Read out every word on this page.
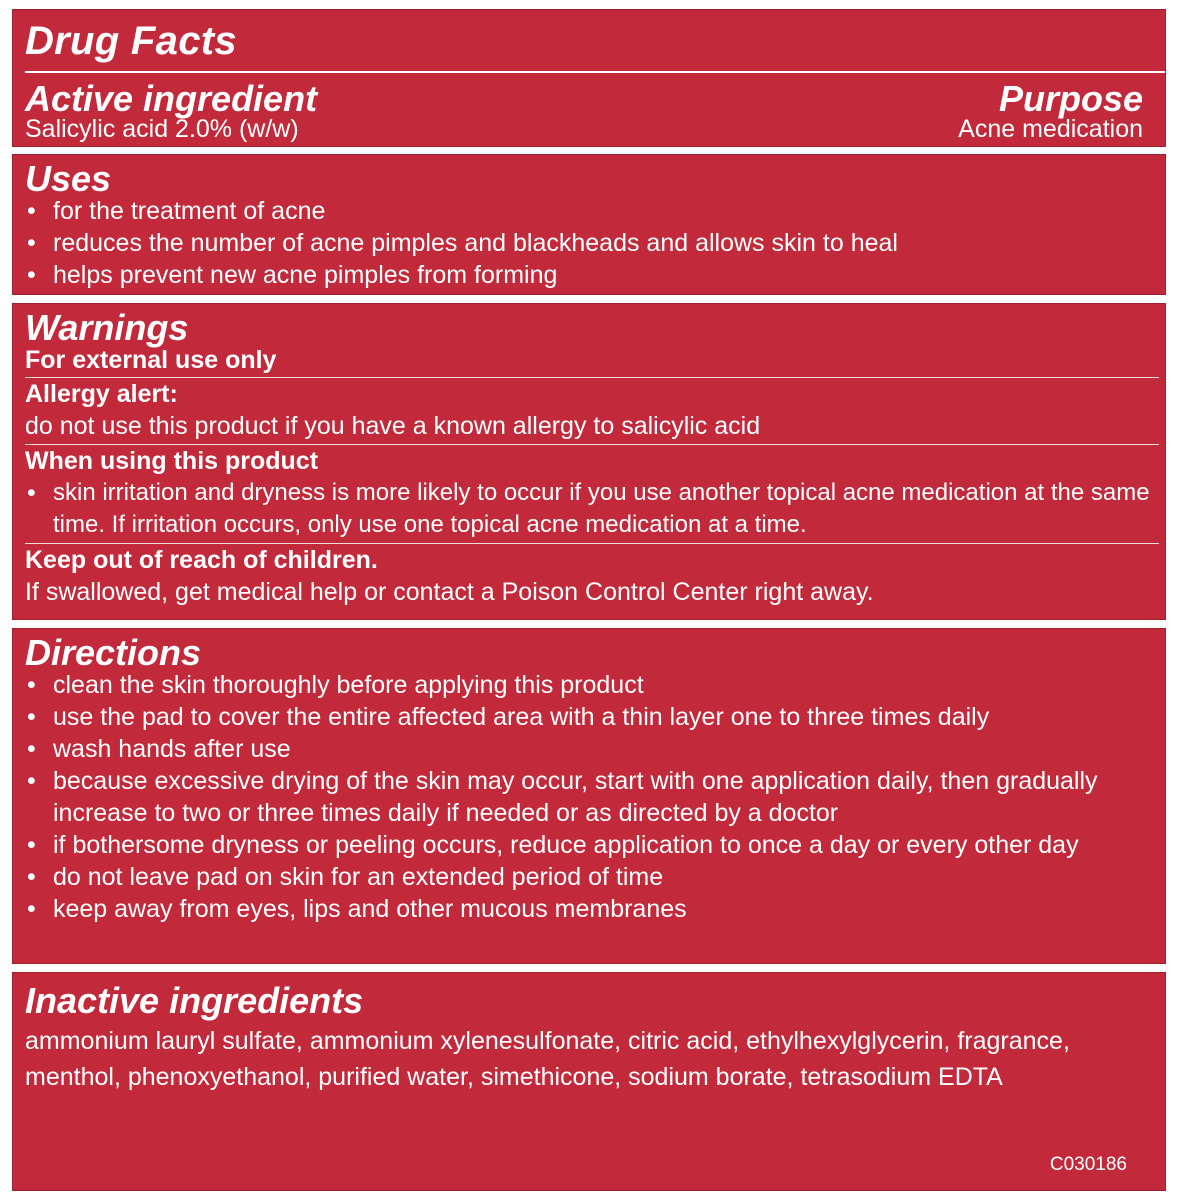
Drug Facts
Active ingredient	Purpose
Salicylic acid 2.0% (w/w)	Acne medication
Uses
• for the treatment of acne
• reduces the number of acne pimples and blackheads and allows skin to heal
• helps prevent new acne pimples from forming
Warnings
For external use only
Allergy alert:
do not use this product if you have a known allergy to salicylic acid
When using this product
• skin irritation and dryness is more likely to occur if you use another topical acne medication at the same time. If irritation occurs, only use one topical acne medication at a time.
Keep out of reach of children.
If swallowed, get medical help or contact a Poison Control Center right away.
Directions
• clean the skin thoroughly before applying this product
• use the pad to cover the entire affected area with a thin layer one to three times daily
• wash hands after use
• because excessive drying of the skin may occur, start with one application daily, then gradually increase to two or three times daily if needed or as directed by a doctor
• if bothersome dryness or peeling occurs, reduce application to once a day or every other day
• do not leave pad on skin for an extended period of time
• keep away from eyes, lips and other mucous membranes
Inactive ingredients
ammonium lauryl sulfate, ammonium xylenesulfonate, citric acid, ethylhexylglycerin, fragrance, menthol, phenoxyethanol, purified water, simethicone, sodium borate, tetrasodium EDTA
C030186
